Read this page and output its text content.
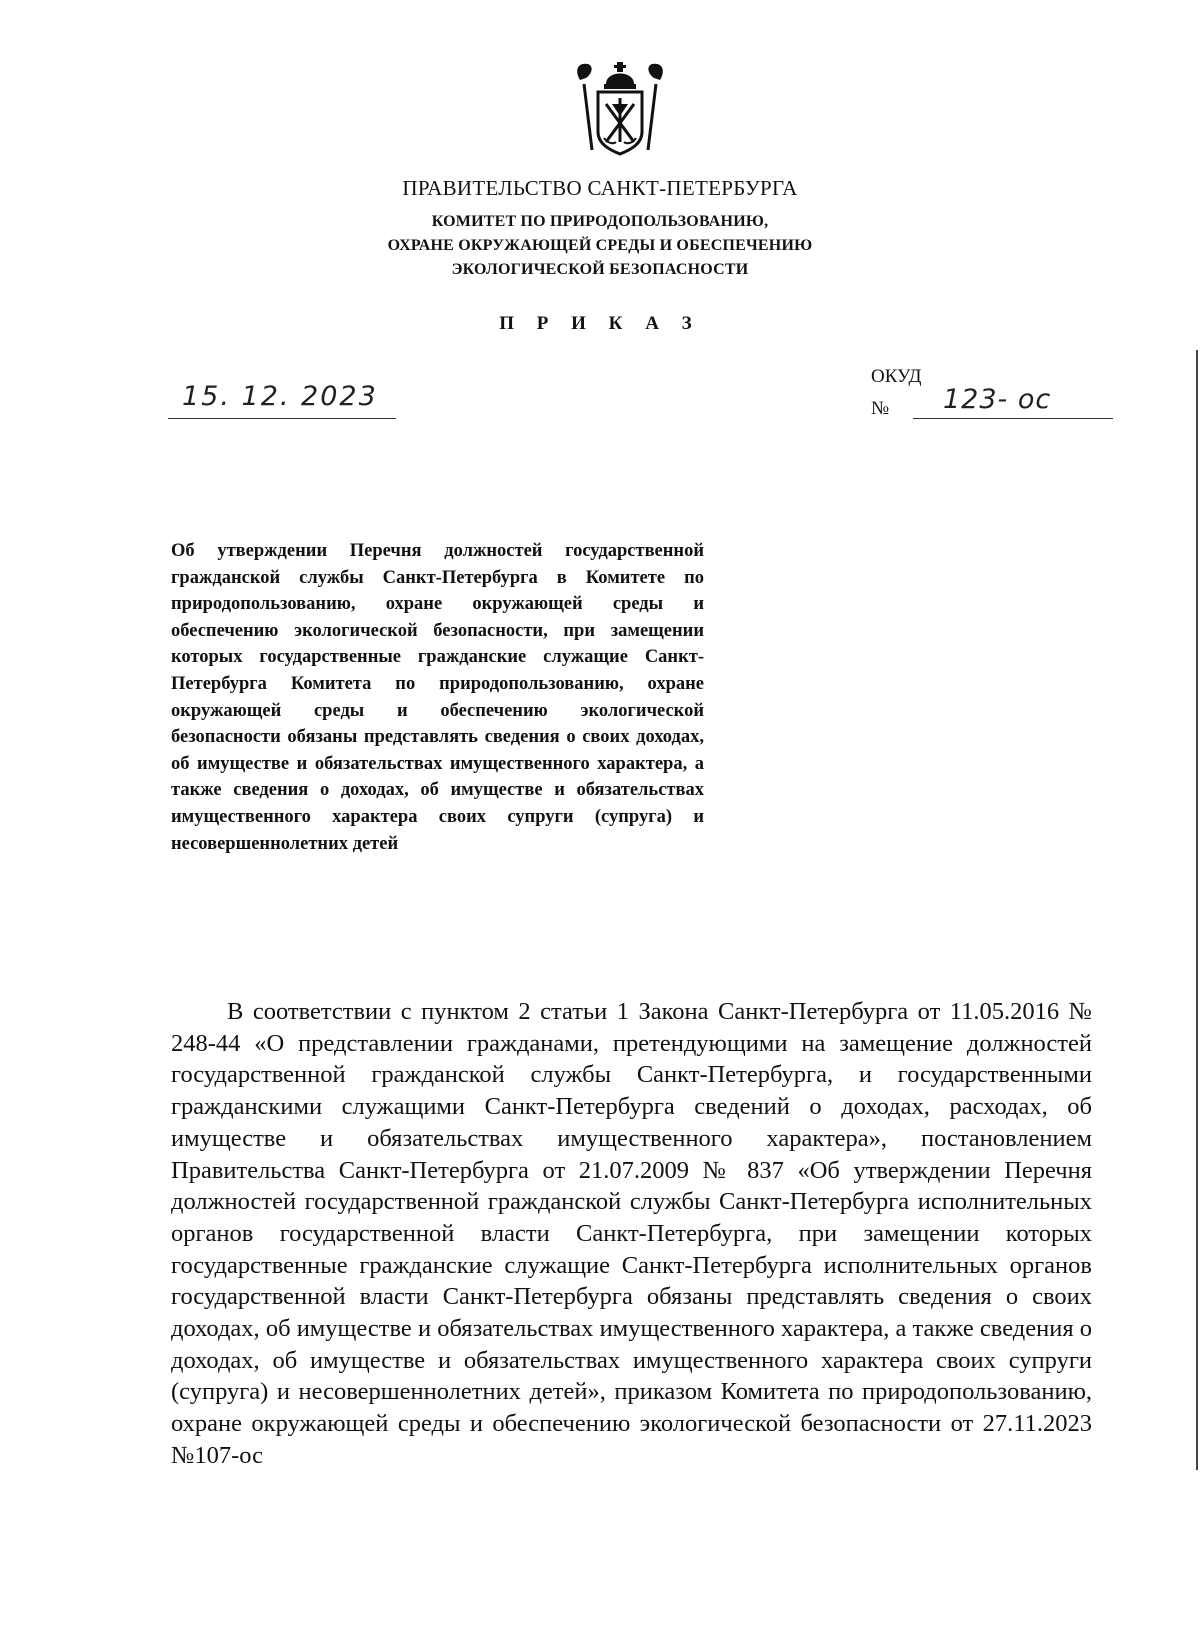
ПРАВИТЕЛЬСТВО САНКТ-ПЕТЕРБУРГА
КОМИТЕТ ПО ПРИРОДОПОЛЬЗОВАНИЮ,
ОХРАНЕ ОКРУЖАЮЩЕЙ СРЕДЫ И ОБЕСПЕЧЕНИЮ
ЭКОЛОГИЧЕСКОЙ БЕЗОПАСНОСТИ
П Р И К А З
15. 12. 2023
ОКУД
№ 123- ос
Об утверждении Перечня должностей государственной гражданской службы Санкт-Петербурга в Комитете по природопользованию, охране окружающей среды и обеспечению экологической безопасности, при замещении которых государственные гражданские служащие Санкт-Петербурга Комитета по природопользованию, охране окружающей среды и обеспечению экологической безопасности обязаны представлять сведения о своих доходах, об имуществе и обязательствах имущественного характера, а также сведения о доходах, об имуществе и обязательствах имущественного характера своих супруги (супруга) и несовершеннолетних детей
В соответствии с пунктом 2 статьи 1 Закона Санкт-Петербурга от 11.05.2016 № 248-44 «О представлении гражданами, претендующими на замещение должностей государственной гражданской службы Санкт-Петербурга, и государственными гражданскими служащими Санкт-Петербурга сведений о доходах, расходах, об имуществе и обязательствах имущественного характера», постановлением Правительства Санкт-Петербурга от 21.07.2009 № 837 «Об утверждении Перечня должностей государственной гражданской службы Санкт-Петербурга исполнительных органов государственной власти Санкт-Петербурга, при замещении которых государственные гражданские служащие Санкт-Петербурга исполнительных органов государственной власти Санкт-Петербурга обязаны представлять сведения о своих доходах, об имуществе и обязательствах имущественного характера, а также сведения о доходах, об имуществе и обязательствах имущественного характера своих супруги (супруга) и несовершеннолетних детей», приказом Комитета по природопользованию, охране окружающей среды и обеспечению экологической безопасности от 27.11.2023 №107-ос
